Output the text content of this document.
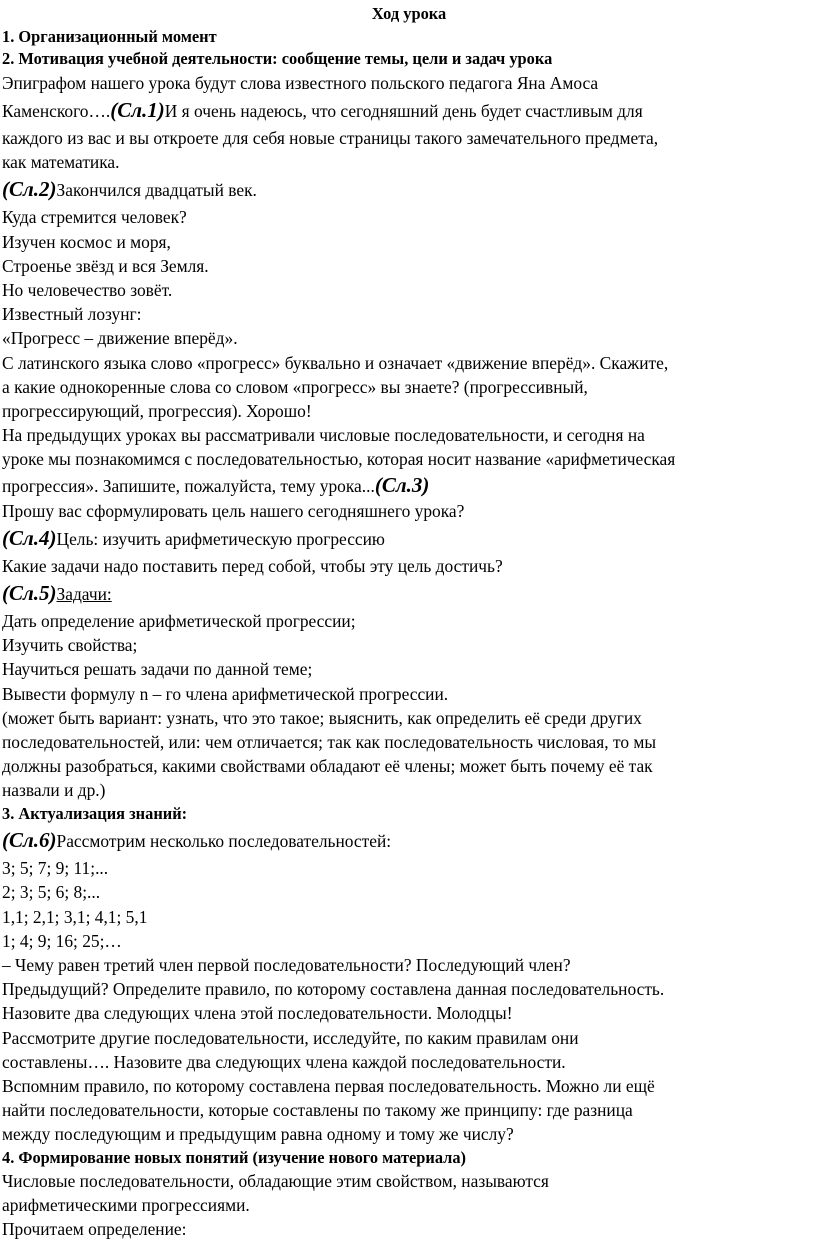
Ход урока
1. Организационный момент
2. Мотивация учебной деятельности: сообщение темы, цели и задач урока
Эпиграфом нашего урока будут слова известного польского педагога Яна Амоса
Каменского….(Сл.1)И я очень надеюсь, что сегодняшний день будет счастливым для
каждого из вас и вы откроете для себя новые страницы такого замечательного предмета,
как математика.
(Сл.2)Закончился двадцатый век.
Куда стремится человек?
Изучен космос и моря,
Строенье звёзд и вся Земля.
Но человечество зовёт.
Известный лозунг:
«Прогресс – движение вперёд».
С латинского языка слово «прогресс» буквально и означает «движение вперёд». Скажите,
а какие однокоренные слова со словом «прогресс» вы знаете? (прогрессивный,
прогрессирующий, прогрессия). Хорошо!
На предыдущих уроках вы рассматривали числовые последовательности, и сегодня на
уроке мы познакомимся с последовательностью, которая носит название «арифметическая
прогрессия». Запишите, пожалуйста, тему урока...(Сл.3)
Прошу вас сформулировать цель нашего сегодняшнего урока?
(Сл.4)Цель: изучить арифметическую прогрессию
Какие задачи надо поставить перед собой, чтобы эту цель достичь?
(Сл.5)Задачи:
Дать определение арифметической прогрессии;
Изучить свойства;
Научиться решать задачи по данной теме;
Вывести формулу n – го члена арифметической прогрессии.
(может быть вариант: узнать, что это такое; выяснить, как определить её среди других
последовательностей, или: чем отличается; так как последовательность числовая, то мы
должны разобраться, какими свойствами обладают её члены; может быть почему её так
назвали и др.)
3. Актуализация знаний:
(Сл.6)Рассмотрим несколько последовательностей:
3; 5; 7; 9; 11;...
2; 3; 5; 6; 8;...
1,1; 2,1; 3,1; 4,1; 5,1
1; 4; 9; 16; 25;…
– Чему равен третий член первой последовательности? Последующий член?
Предыдущий? Определите правило, по которому составлена данная последовательность.
Назовите два следующих члена этой последовательности. Молодцы!
Рассмотрите другие последовательности, исследуйте, по каким правилам они
составлены…. Назовите два следующих члена каждой последовательности.
Вспомним правило, по которому составлена первая последовательность. Можно ли ещё
найти последовательности, которые составлены по такому же принципу: где разница
между последующим и предыдущим равна одному и тому же числу?
4. Формирование новых понятий (изучение нового материала)
Числовые последовательности, обладающие этим свойством, называются
арифметическими прогрессиями.
Прочитаем определение:
